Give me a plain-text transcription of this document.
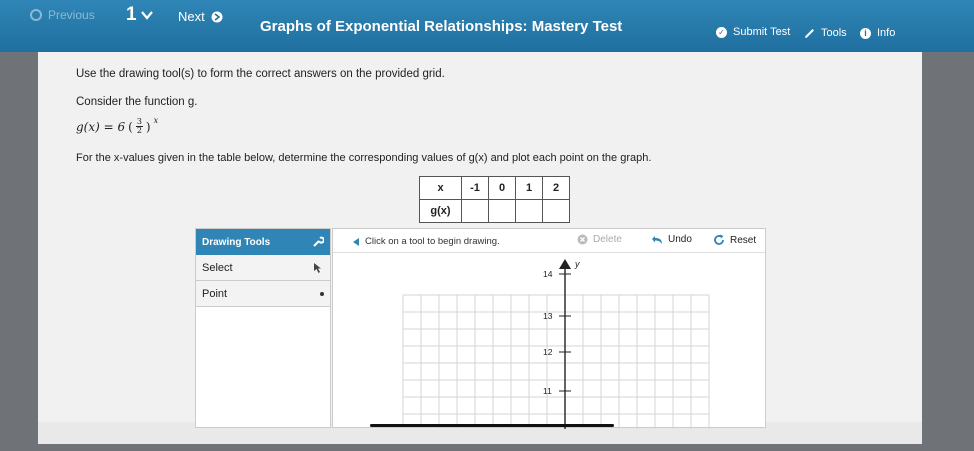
Previous 1	Next
Graphs of Exponential Relationships: Mastery Test	✓ Submit Test	Tools	i Info
Use the drawing tool(s) to form the correct answers on the provided grid.
Consider the function g.
g(x) = 6 ( $\frac{3}{2}$ ) x
For the x-values given in the table below, determine the corresponding values of g(x) and plot each point on the graph.
x	-1	0	1	2
g(x)				
Drawing Tools
Select
Point
Click on a tool to begin drawing.	Delete	Undo	Reset
y
14
13
12
11
